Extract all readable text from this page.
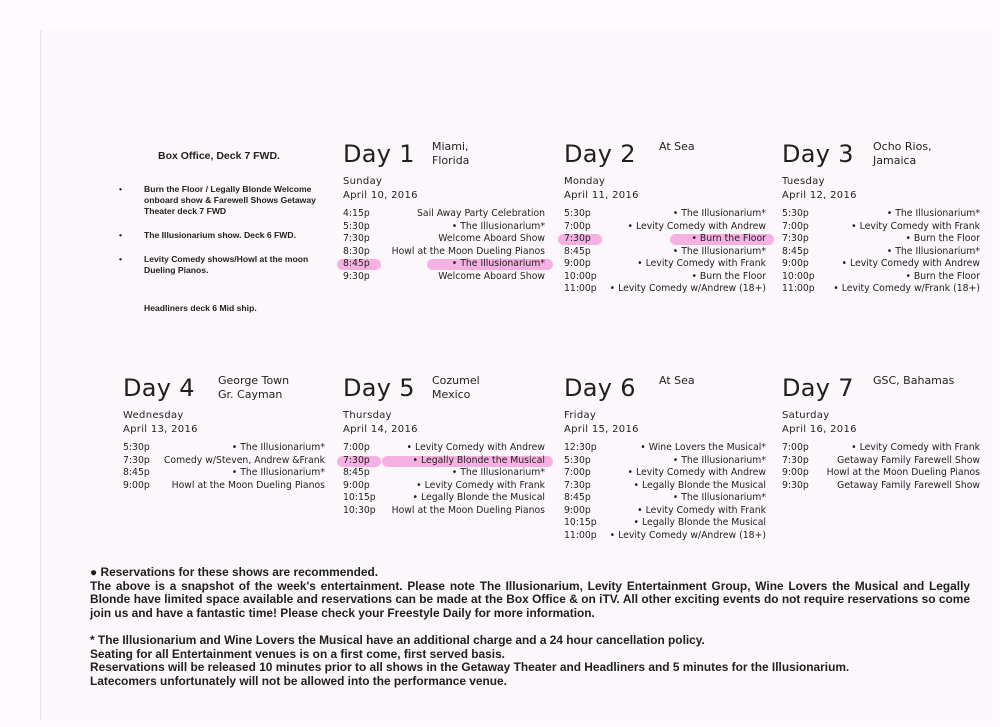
Box Office, Deck 7 FWD.
•	Burn the Floor / Legally Blonde Welcome onboard show & Farewell Shows Getaway Theater deck 7 FWD
•	The Illusionarium show. Deck 6 FWD.
•	Levity Comedy shows/Howl at the moon Dueling Pianos.
Headliners deck 6 Mid ship.
Day 1 Miami,
Florida
Sunday
April 10, 2016
4:15p	Sail Away Party Celebration
5:30p	• The Illusionarium*
7:30p	Welcome Aboard Show
8:30p Howl at the Moon Dueling Pianos
8:45p	• The Illusionarium*
9:30p	Welcome Aboard Show
Day 2 At Sea
Monday
April 11, 2016
5:30p	• The Illusionarium*
7:00p	• Levity Comedy with Andrew
7:30p	• Burn the Floor
8:45p	• The Illusionarium*
9:00p	• Levity Comedy with Frank
10:00p	• Burn the Floor
11:00p • Levity Comedy w/Andrew (18+)
Day 3 Ocho Rios,
Jamaica
Tuesday
April 12, 2016
5:30p	• The Illusionarium*
7:00p	• Levity Comedy with Frank
7:30p	• Burn the Floor
8:45p	• The Illusionarium*
9:00p	• Levity Comedy with Andrew
10:00p	• Burn the Floor
11:00p • Levity Comedy w/Frank (18+)
Day 4 George Town
Gr. Cayman
Wednesday
April 13, 2016
5:30p	• The Illusionarium*
7:30p Comedy w/Steven, Andrew &Frank
8:45p	• The Illusionarium*
9:00p Howl at the Moon Dueling Pianos
Day 5 Cozumel
Mexico
Thursday
April 14, 2016
7:00p	• Levity Comedy with Andrew
7:30p	• Legally Blonde the Musical
8:45p	• The Illusionarium*
9:00p	• Levity Comedy with Frank
10:15p	• Legally Blonde the Musical
10:30p Howl at the Moon Dueling Pianos
Day 6 At Sea
Friday
April 15, 2016
12:30p	• Wine Lovers the Musical*
5:30p	• The Illusionarium*
7:00p	• Levity Comedy with Andrew
7:30p	• Legally Blonde the Musical
8:45p	• The Illusionarium*
9:00p	• Levity Comedy with Frank
10:15p	• Legally Blonde the Musical
11:00p • Levity Comedy w/Andrew (18+)
Day 7 GSC, Bahamas
Saturday
April 16, 2016
7:00p	• Levity Comedy with Frank
7:30p	Getaway Family Farewell Show
9:00p Howl at the Moon Dueling Pianos
9:30p	Getaway Family Farewell Show

● Reservations for these shows are recommended.

The above is a snapshot of the week's entertainment. Please note The Illusionarium, Levity Entertainment Group, Wine Lovers the Musical and Legally Blonde have limited space available and reservations can be made at the Box Office & on iTV. All other exciting events do not require reservations so come join us and have a fantastic time! Please check your Freestyle Daily for more information.

* The Illusionarium and Wine Lovers the Musical have an additional charge and a 24 hour cancellation policy.

Seating for all Entertainment venues is on a first come, first served basis.

Reservations will be released 10 minutes prior to all shows in the Getaway Theater and Headliners and 5 minutes for the Illusionarium.

Latecomers unfortunately will not be allowed into the performance venue.
